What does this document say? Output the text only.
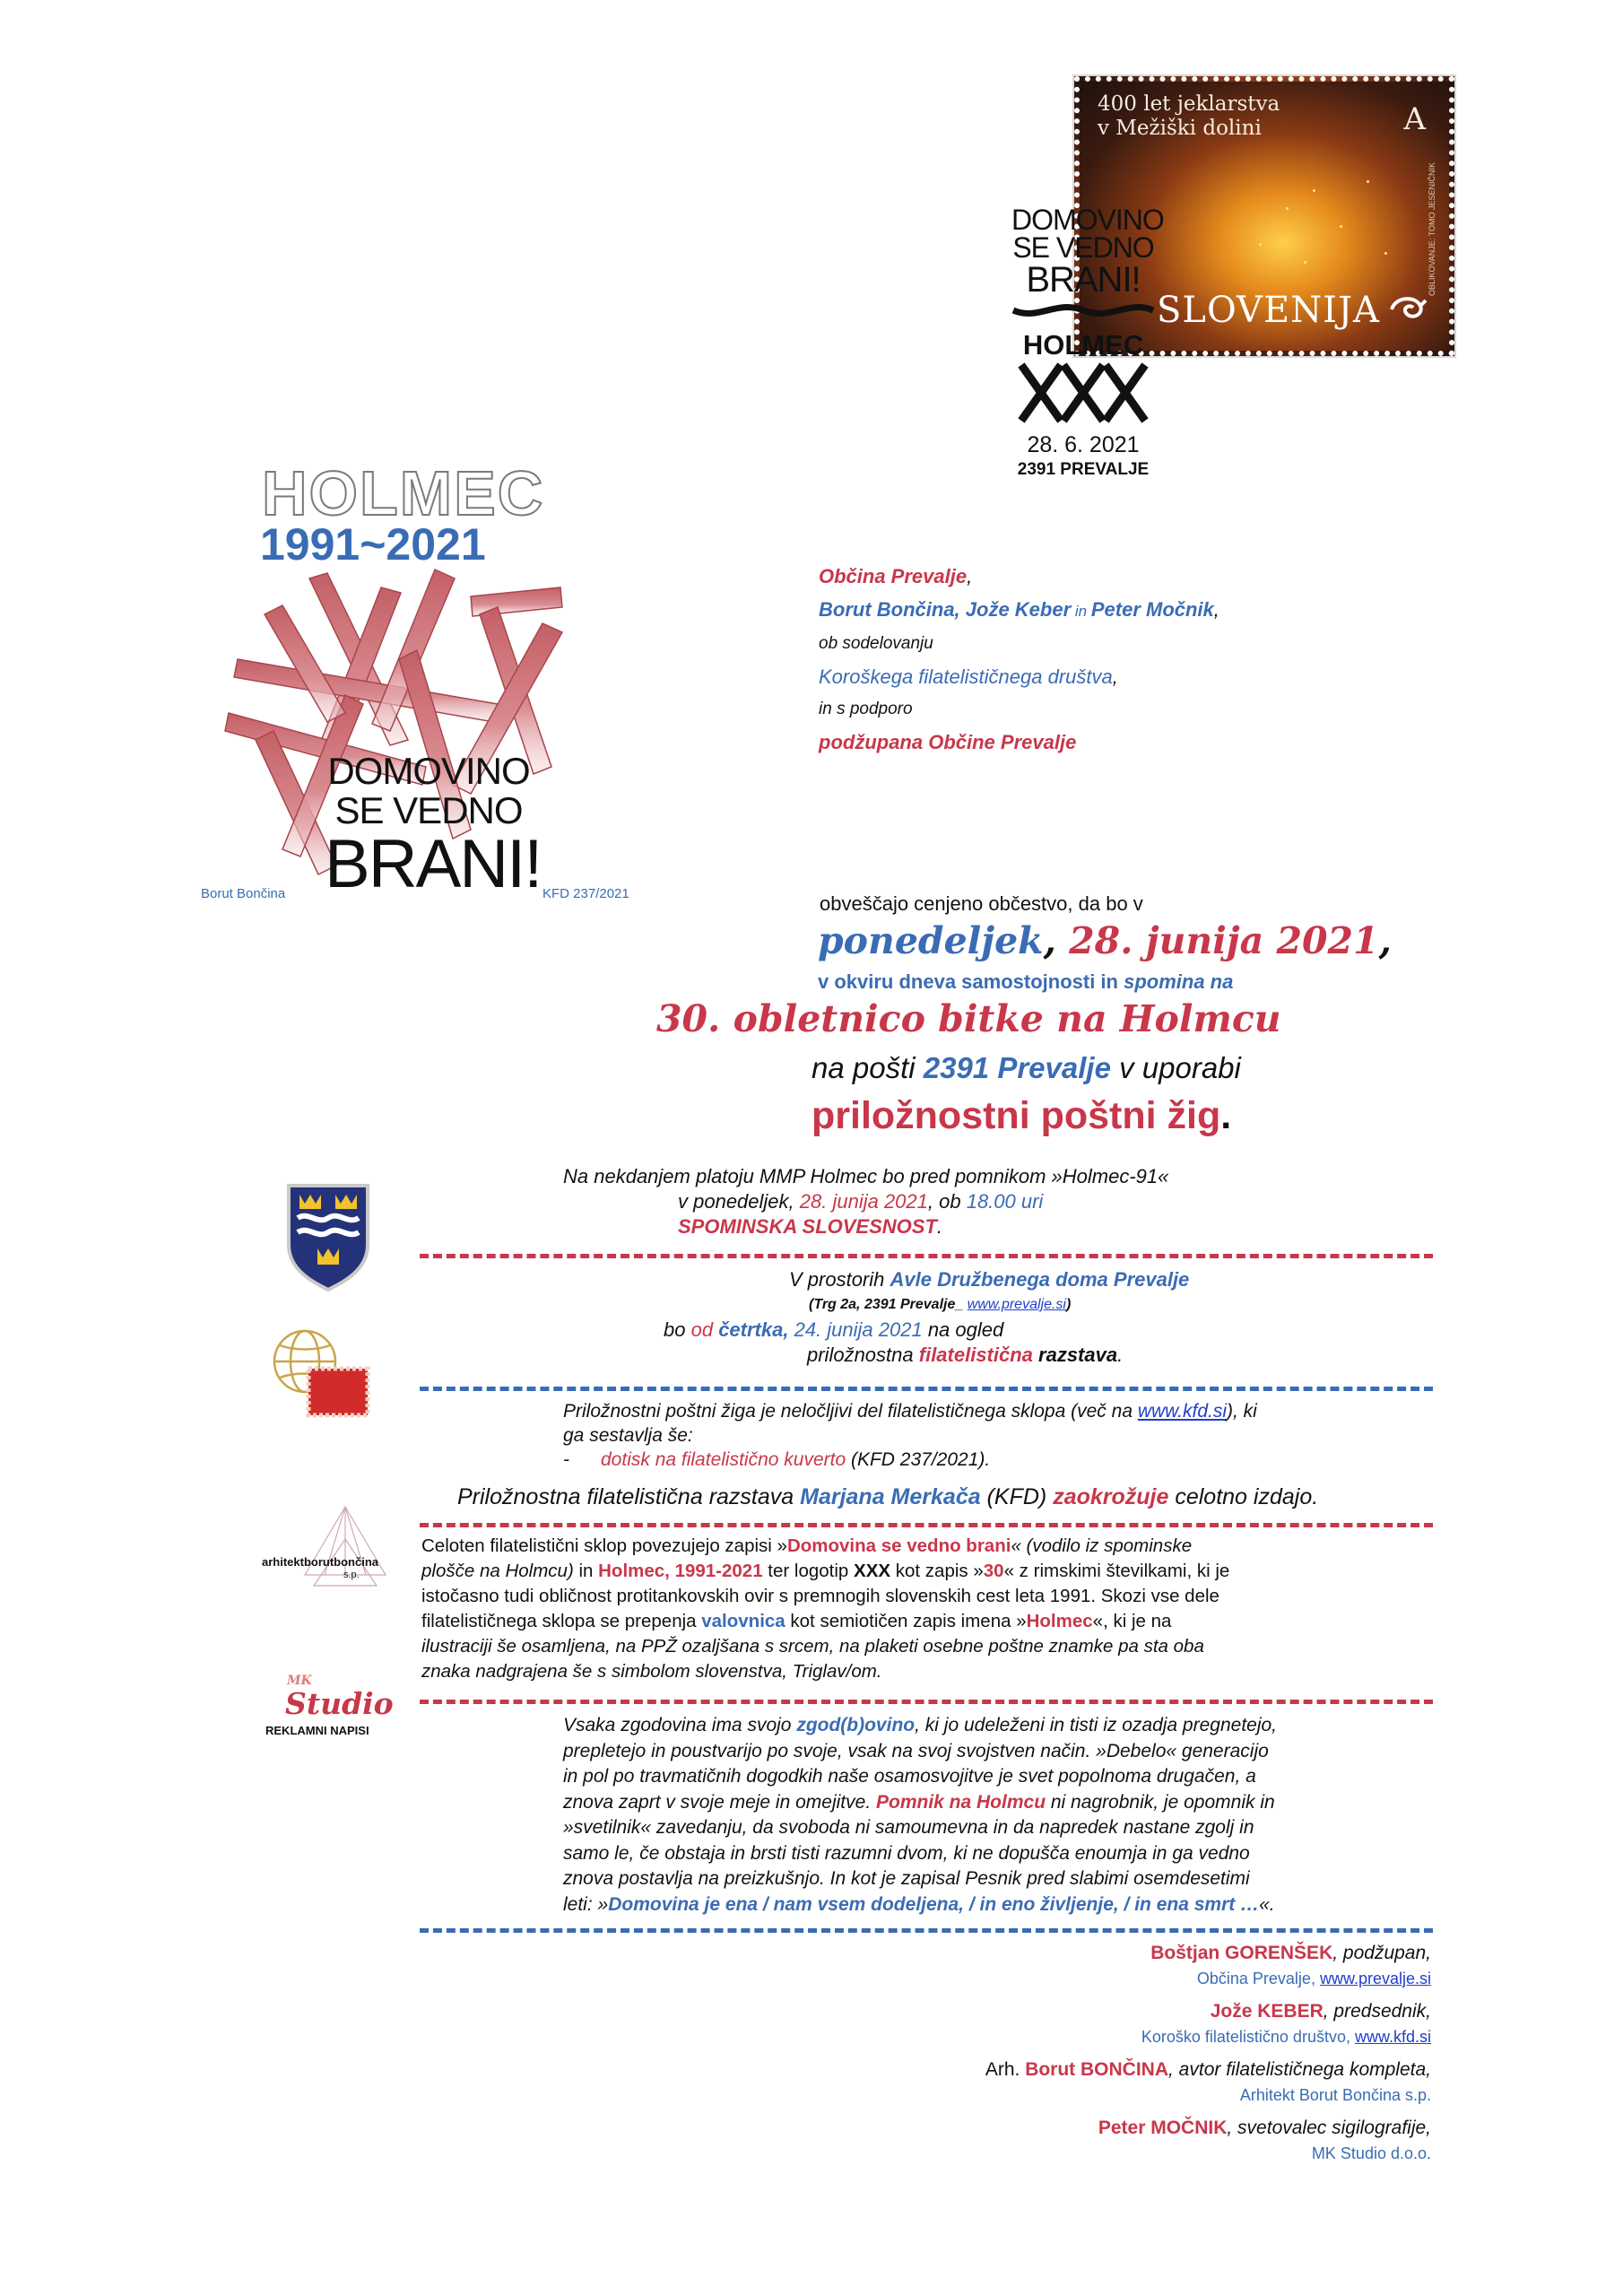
400 let jeklarstva
v Mežiški dolini	A
OBLIKOVANJE: TOMO JESENIČNIK
SLOVENIJA
DOMOVINO
SE VEDNO
BRANI!
HOLMEC
28. 6. 2021
2391 PREVALJE
HOLMEC
1991~2021
DOMOVINO
SE VEDNO
BRANI!
Borut Bončina	KFD 237/2021
Občina Prevalje,
Borut Bončina, Jože Keber in Peter Močnik,
ob sodelovanju
Koroškega filatelističnega društva,
in s podporo
podžupana Občine Prevalje
obveščajo cenjeno občestvo, da bo v
ponedeljek, 28. junija 2021,
v okviru dneva samostojnosti in spomina na
30. obletnico bitke na Holmcu
na pošti 2391 Prevalje v uporabi
priložnostni poštni žig.
Na nekdanjem platoju MMP Holmec bo pred pomnikom »Holmec-91«
v ponedeljek, 28. junija 2021, ob 18.00 uri
SPOMINSKA SLOVESNOST.
V prostorih Avle Družbenega doma Prevalje
(Trg 2a, 2391 Prevalje_ www.prevalje.si)
bo od četrtka, 24. junija 2021 na ogled
priložnostna filatelistična razstava.
Priložnostni poštni žiga je neločljivi del filatelističnega sklopa (več na www.kfd.si), ki
ga sestavlja še:
- dotisk na filatelistično kuverto (KFD 237/2021).
Priložnostna filatelistična razstava Marjana Merkača (KFD) zaokrožuje celotno izdajo.
arhitektborutbončina
s.p.
Celoten filatelistični sklop povezujejo zapisi »Domovina se vedno brani« (vodilo iz spominske
plošče na Holmcu) in Holmec, 1991-2021 ter logotip XXX kot zapis »30« z rimskimi številkami, ki je
istočasno tudi obličnost protitankovskih ovir s premnogih slovenskih cest leta 1991. Skozi vse dele
filatelističnega sklopa se prepenja valovnica kot semiotičen zapis imena »Holmec«, ki je na
ilustraciji še osamljena, na PPŽ ozaljšana s srcem, na plaketi osebne poštne znamke pa sta oba
znaka nadgrajena še s simbolom slovenstva, Triglav/om.
MK
Studio
REKLAMNI NAPISI	Vsaka zgodovina ima svojo zgod(b)ovino, ki jo udeleženi in tisti iz ozadja pregnetejo,
prepletejo in poustvarijo po svoje, vsak na svoj svojstven način. »Debelo« generacijo
in pol po travmatičnih dogodkih naše osamosvojitve je svet popolnoma drugačen, a
znova zaprt v svoje meje in omejitve. Pomnik na Holmcu ni nagrobnik, je opomnik in
»svetilnik« zavedanju, da svoboda ni samoumevna in da napredek nastane zgolj in
samo le, če obstaja in brsti tisti razumni dvom, ki ne dopušča enoumja in ga vedno
znova postavlja na preizkušnjo. In kot je zapisal Pesnik pred slabimi osemdesetimi
leti: »Domovina je ena / nam vsem dodeljena, / in eno življenje, / in ena smrt …«.
Boštjan GORENŠEK, podžupan,
Občina Prevalje, www.prevalje.si
Jože KEBER, predsednik,
Koroško filatelistično društvo, www.kfd.si
Arh. Borut BONČINA, avtor filatelističnega kompleta,
Arhitekt Borut Bončina s.p.
Peter MOČNIK, svetovalec sigilografije,
MK Studio d.o.o.
